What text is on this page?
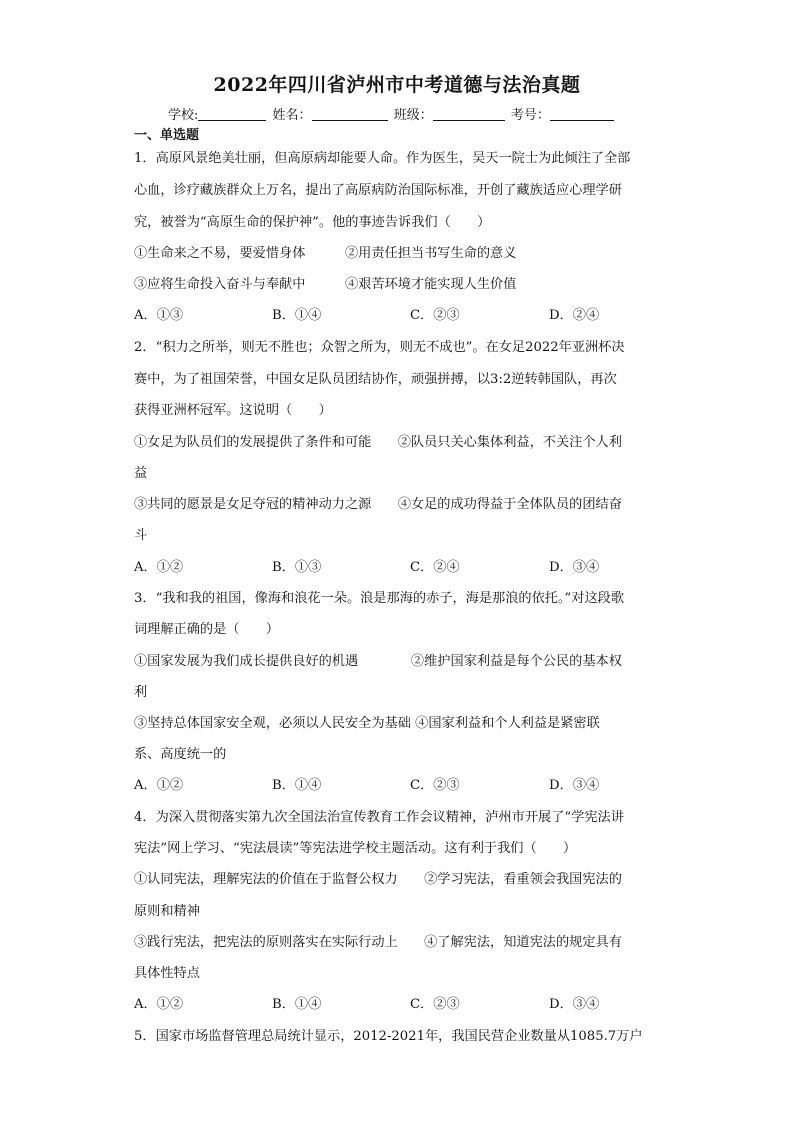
2022年四川省泸州市中考道德与法治真题
学校:	姓名：	班级：	考号：
一、单选题
1．高原风景绝美壮丽，但高原病却能要人命。作为医生，吴天一院士为此倾注了全部
心血，诊疗藏族群众上万名，提出了高原病防治国际标准，开创了藏族适应心理学研
究，被誉为“高原生命的保护神”。他的事迹告诉我们（　　）
①生命来之不易，要爱惜身体　　　②用责任担当书写生命的意义
③应将生命投入奋斗与奉献中　　　④艰苦环境才能实现人生价值
A．①③	B．①④	C．②③	D．②④
2．“积力之所举，则无不胜也；众智之所为，则无不成也”。在女足2022年亚洲杯决
赛中，为了祖国荣誉，中国女足队员团结协作，顽强拼搏，以3:2逆转韩国队，再次
获得亚洲杯冠军。这说明（　　）
①女足为队员们的发展提供了条件和可能　　②队员只关心集体利益，不关注个人利
益
③共同的愿景是女足夺冠的精神动力之源　　④女足的成功得益于全体队员的团结奋
斗
A．①②	B．①③	C．②④	D．③④
3．“我和我的祖国，像海和浪花一朵。浪是那海的赤子，海是那浪的依托。”对这段歌
词理解正确的是（　　）
①国家发展为我们成长提供良好的机遇　　　　②维护国家利益是每个公民的基本权
利
③坚持总体国家安全观，必须以人民安全为基础 ④国家利益和个人利益是紧密联
系、高度统一的
A．①②	B．①④	C．②③	D．③④
4．为深入贯彻落实第九次全国法治宣传教育工作会议精神，泸州市开展了“学宪法讲
宪法”网上学习、“宪法晨读”等宪法进学校主题活动。这有利于我们（　　）
①认同宪法，理解宪法的价值在于监督公权力　　②学习宪法，看重领会我国宪法的
原则和精神
③践行宪法，把宪法的原则落实在实际行动上　　④了解宪法，知道宪法的规定具有
具体性特点
A．①②	B．①④	C．②③	D．③④
5．国家市场监督管理总局统计显示，2012-2021年，我国民营企业数量从1085.7万户
